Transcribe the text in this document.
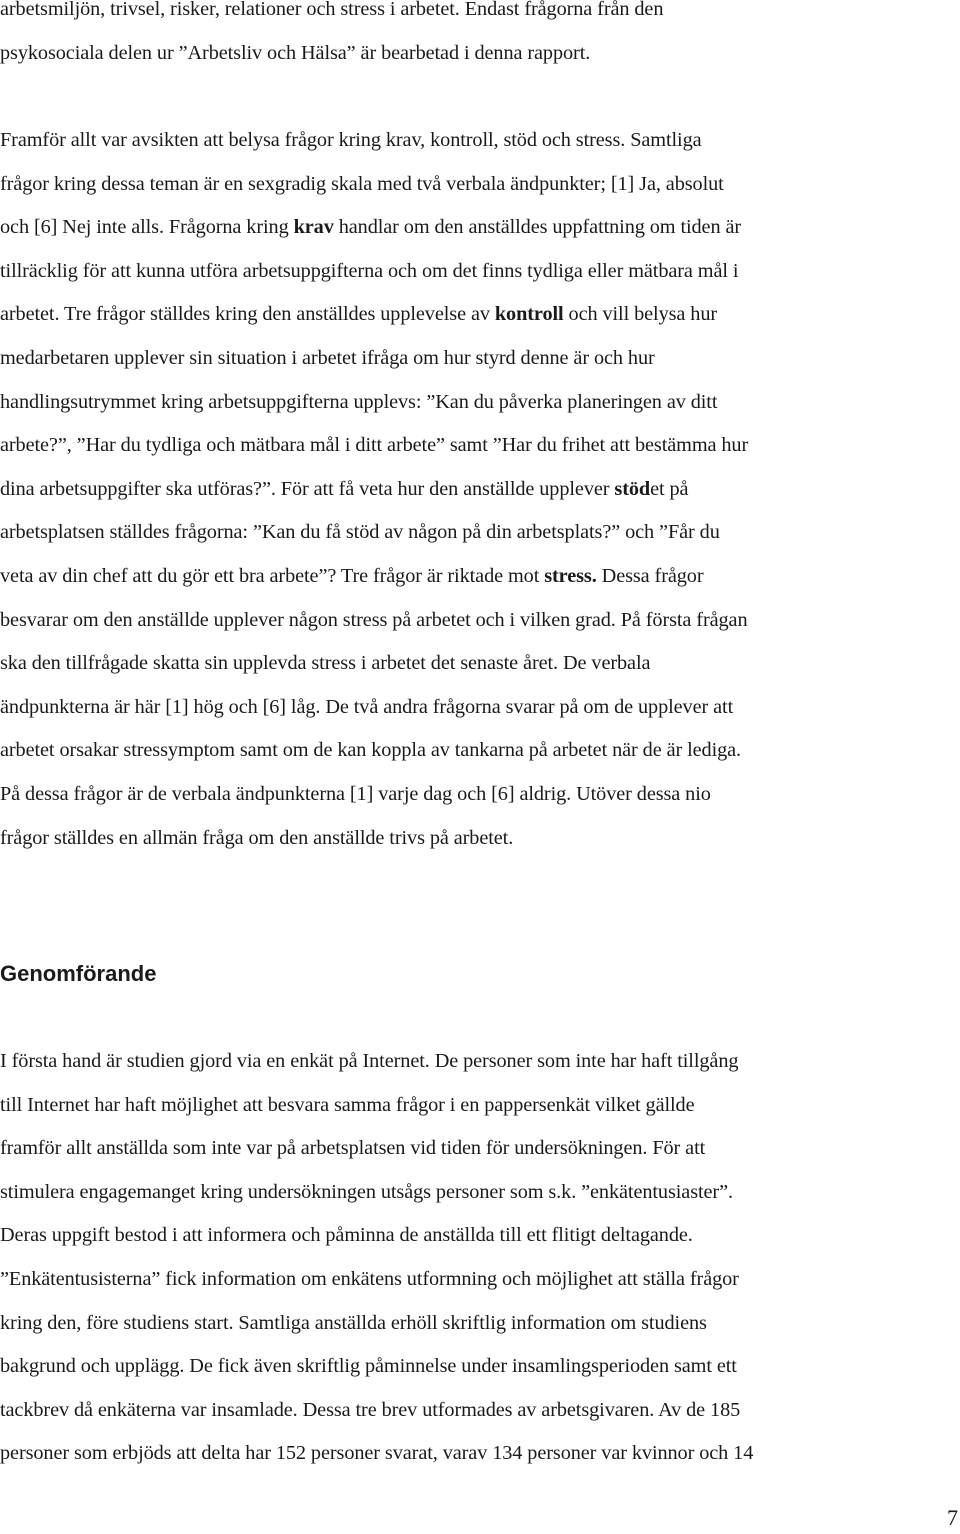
arbetsmiljön, trivsel, risker, relationer och stress i arbetet. Endast frågorna från den
psykosociala delen ur ”Arbetsliv och Hälsa” är bearbetad i denna rapport.

Framför allt var avsikten att belysa frågor kring krav, kontroll, stöd och stress. Samtliga
frågor kring dessa teman är en sexgradig skala med två verbala ändpunkter; [1] Ja, absolut
och [6] Nej inte alls. Frågorna kring krav handlar om den anställdes uppfattning om tiden är
tillräcklig för att kunna utföra arbetsuppgifterna och om det finns tydliga eller mätbara mål i
arbetet. Tre frågor ställdes kring den anställdes upplevelse av kontroll och vill belysa hur
medarbetaren upplever sin situation i arbetet ifråga om hur styrd denne är och hur
handlingsutrymmet kring arbetsuppgifterna upplevs: ”Kan du påverka planeringen av ditt
arbete?”, ”Har du tydliga och mätbara mål i ditt arbete” samt ”Har du frihet att bestämma hur
dina arbetsuppgifter ska utföras?”. För att få veta hur den anställde upplever stödet på
arbetsplatsen ställdes frågorna: ”Kan du få stöd av någon på din arbetsplats?” och ”Får du
veta av din chef att du gör ett bra arbete”? Tre frågor är riktade mot stress. Dessa frågor
besvarar om den anställde upplever någon stress på arbetet och i vilken grad. På första frågan
ska den tillfrågade skatta sin upplevda stress i arbetet det senaste året. De verbala
ändpunkterna är här [1] hög och [6] låg. De två andra frågorna svarar på om de upplever att
arbetet orsakar stressymptom samt om de kan koppla av tankarna på arbetet när de är lediga.
På dessa frågor är de verbala ändpunkterna [1] varje dag och [6] aldrig. Utöver dessa nio
frågor ställdes en allmän fråga om den anställde trivs på arbetet.

Genomförande

I första hand är studien gjord via en enkät på Internet. De personer som inte har haft tillgång
till Internet har haft möjlighet att besvara samma frågor i en pappersenkät vilket gällde
framför allt anställda som inte var på arbetsplatsen vid tiden för undersökningen. För att
stimulera engagemanget kring undersökningen utsågs personer som s.k. ”enkätentusiaster”.
Deras uppgift bestod i att informera och påminna de anställda till ett flitigt deltagande.
”Enkätentusisterna” fick information om enkätens utformning och möjlighet att ställa frågor
kring den, före studiens start. Samtliga anställda erhöll skriftlig information om studiens
bakgrund och upplägg. De fick även skriftlig påminnelse under insamlingsperioden samt ett
tackbrev då enkäterna var insamlade. Dessa tre brev utformades av arbetsgivaren. Av de 185
personer som erbjöds att delta har 152 personer svarat, varav 134 personer var kvinnor och 14

7
